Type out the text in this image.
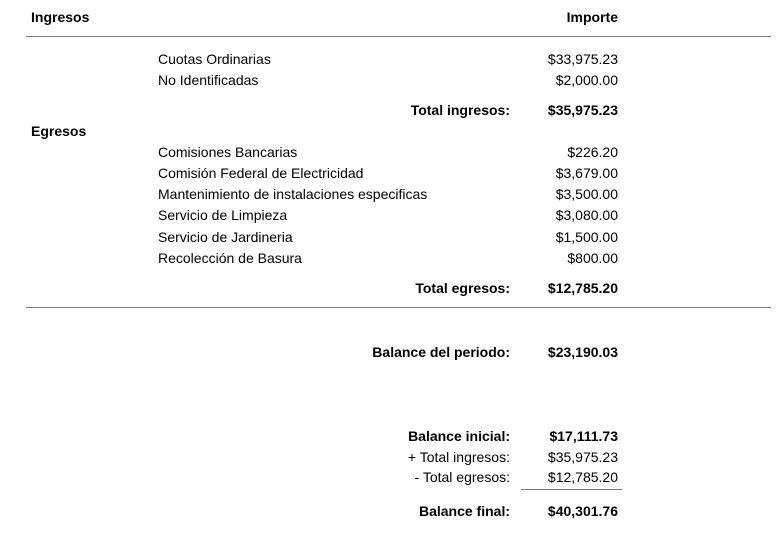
Ingresos	Importe
Cuotas Ordinarias	$33,975.23
No Identificadas	$2,000.00
Total ingresos:	$35,975.23
Egresos
Comisiones Bancarias	$226.20
Comisión Federal de Electricidad	$3,679.00
Mantenimiento de instalaciones especificas	$3,500.00
Servicio de Limpieza	$3,080.00
Servicio de Jardineria	$1,500.00
Recolección de Basura	$800.00
Total egresos:	$12,785.20
Balance del periodo:	$23,190.03
Balance inicial:	$17,111.73
+ Total ingresos:	$35,975.23
- Total egresos:	$12,785.20
Balance final:	$40,301.76
